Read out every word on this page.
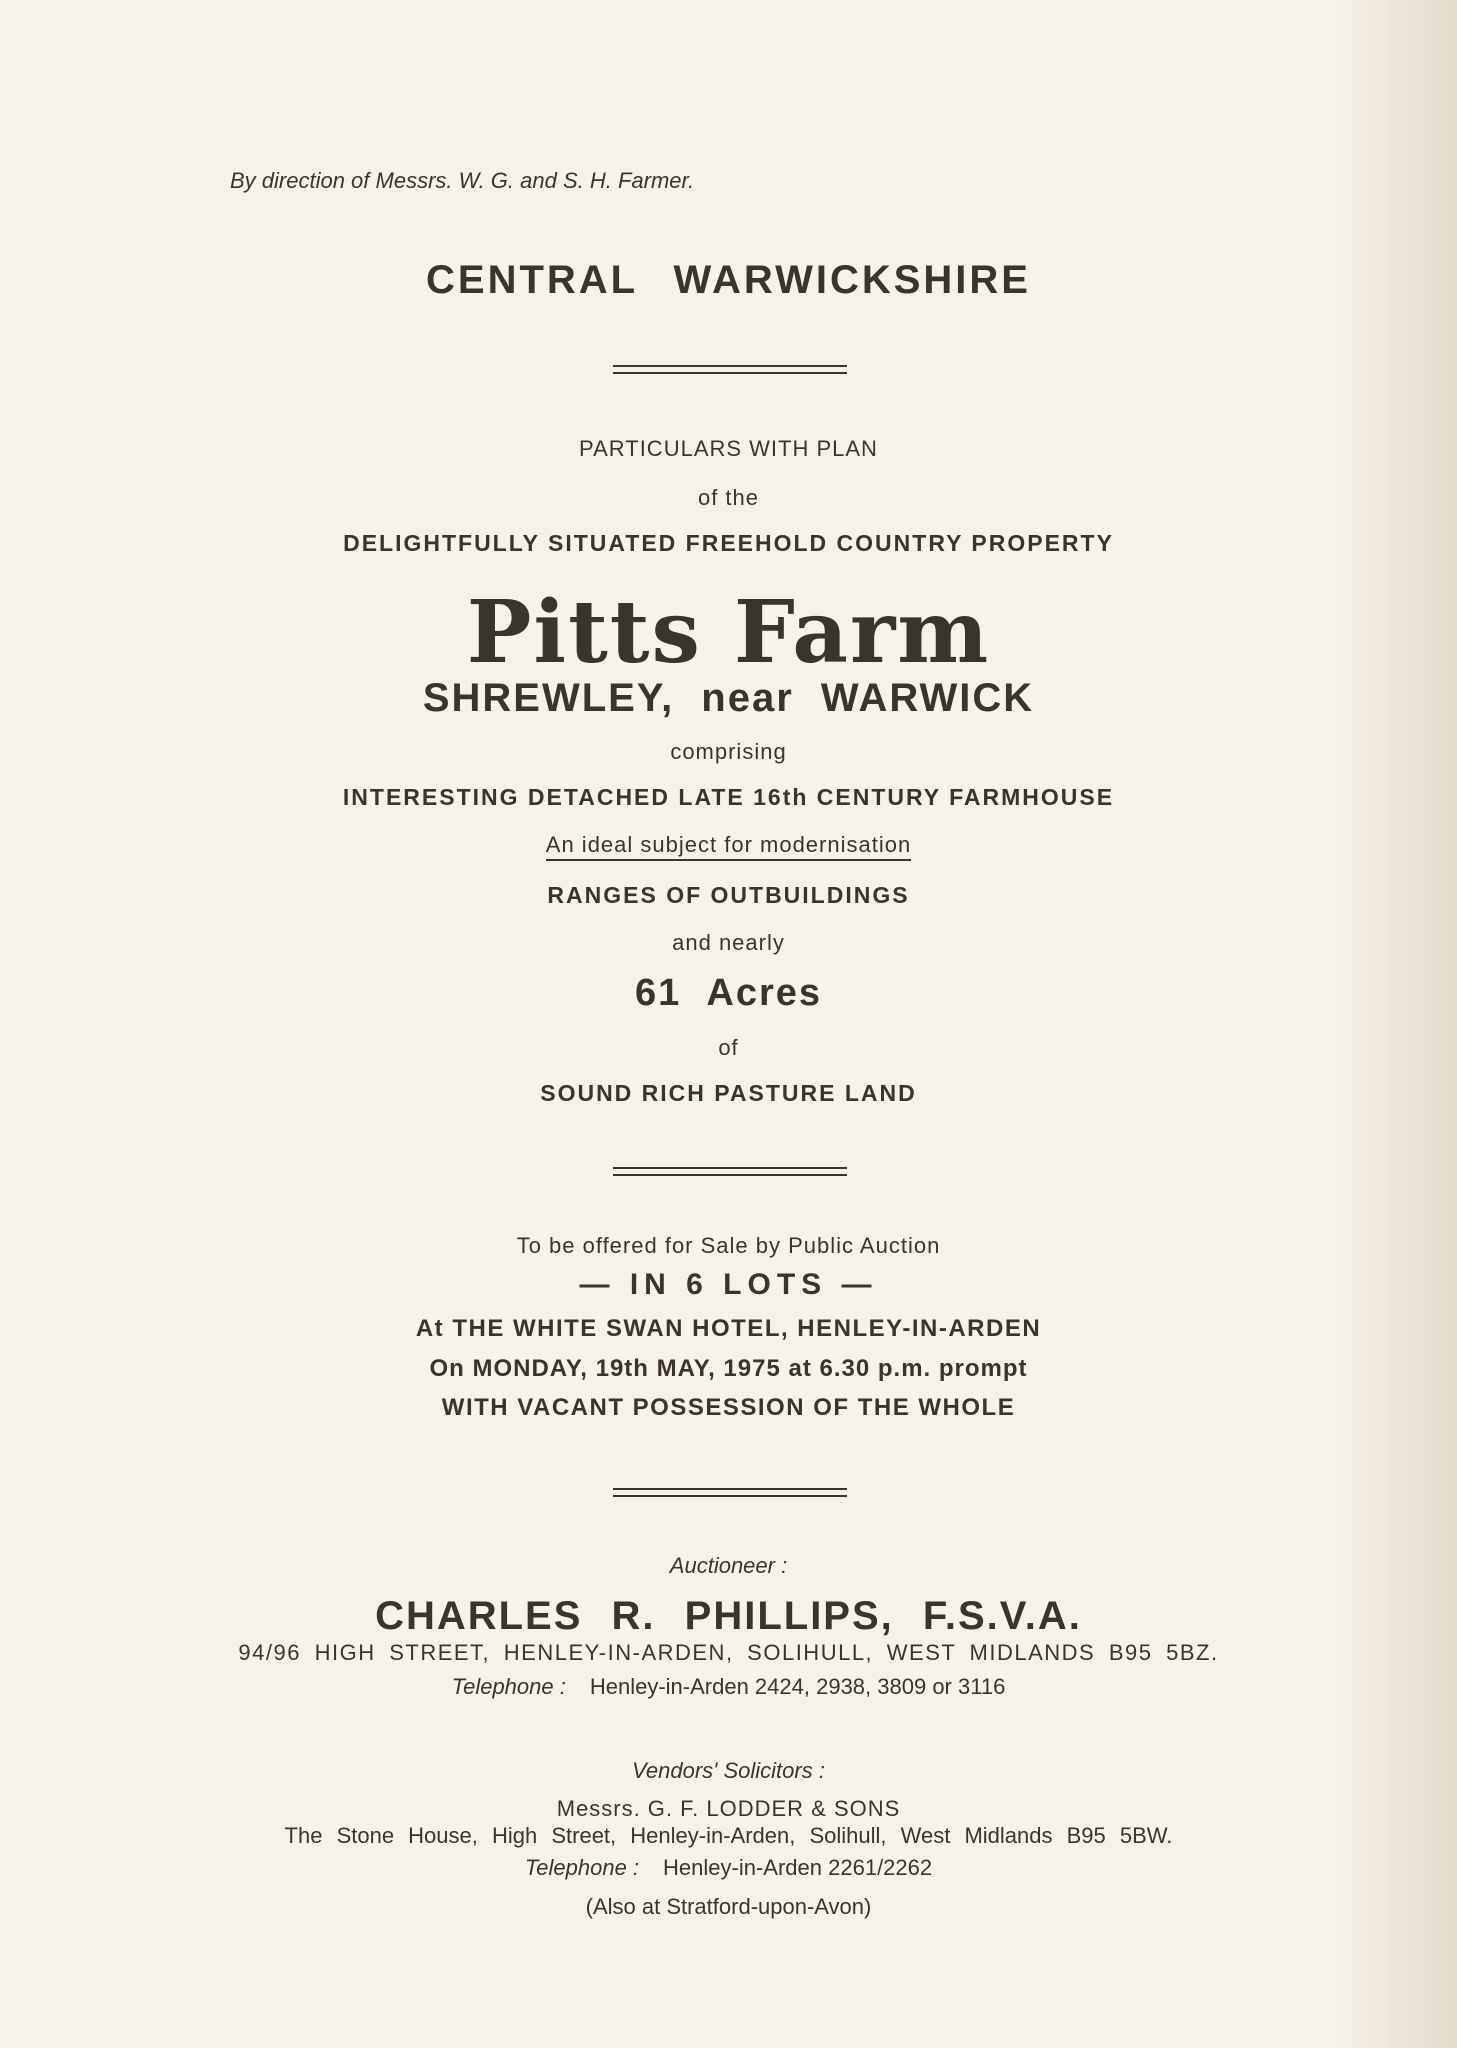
By direction of Messrs. W. G. and S. H. Farmer.
CENTRAL WARWICKSHIRE
PARTICULARS WITH PLAN
of the
DELIGHTFULLY SITUATED FREEHOLD COUNTRY PROPERTY
Pitts Farm
SHREWLEY, near WARWICK
comprising
INTERESTING DETACHED LATE 16th CENTURY FARMHOUSE
An ideal subject for modernisation
RANGES OF OUTBUILDINGS
and nearly
61 Acres
of
SOUND RICH PASTURE LAND
To be offered for Sale by Public Auction
— IN 6 LOTS —
At THE WHITE SWAN HOTEL, HENLEY-IN-ARDEN
On MONDAY, 19th MAY, 1975 at 6.30 p.m. prompt
WITH VACANT POSSESSION OF THE WHOLE
Auctioneer :
CHARLES R. PHILLIPS, F.S.V.A.
94/96 HIGH STREET, HENLEY-IN-ARDEN, SOLIHULL, WEST MIDLANDS B95 5BZ.
Telephone : Henley-in-Arden 2424, 2938, 3809 or 3116
Vendors' Solicitors :
Messrs. G. F. LODDER & SONS
The Stone House, High Street, Henley-in-Arden, Solihull, West Midlands B95 5BW.
Telephone : Henley-in-Arden 2261/2262
(Also at Stratford-upon-Avon)
